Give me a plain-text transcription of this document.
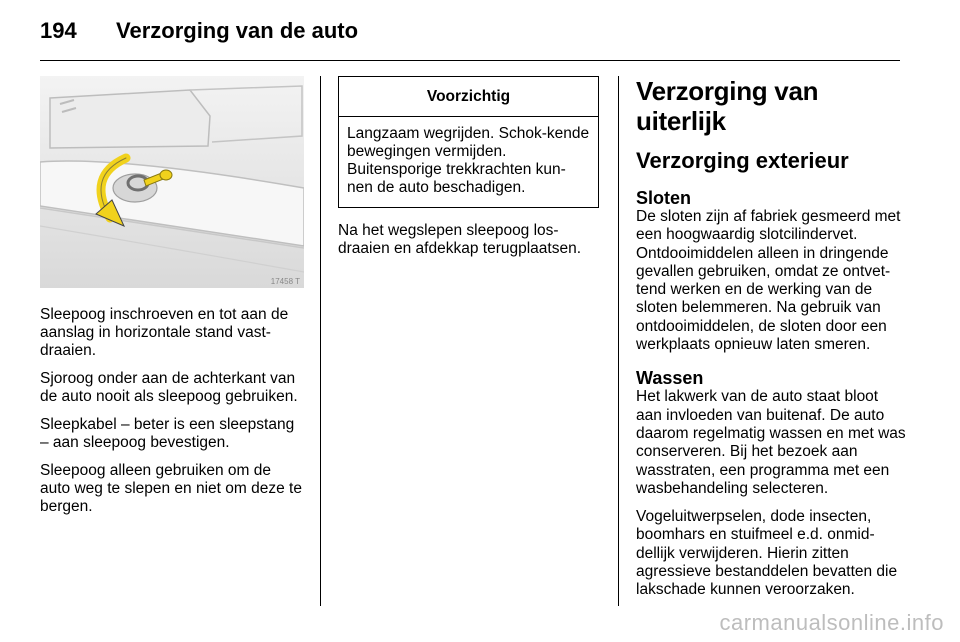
194 Verzorging van de auto
17458 T

Sleepoog inschroeven en tot aan de aanslag in horizontale stand vast-draaien.

Sjoroog onder aan de achterkant van de auto nooit als sleepoog gebruiken.

Sleepkabel – beter is een sleepstang – aan sleepoog bevestigen.

Sleepoog alleen gebruiken om de auto weg te slepen en niet om deze te bergen.

Voorzichtig
Langzaam wegrijden. Schok-kende bewegingen vermijden. Buitensporige trekkrachten kun-nen de auto beschadigen.

Na het wegslepen sleepoog los-draaien en afdekkap terugplaatsen.

Verzorging van uiterlijk
Verzorging exterieur
Sloten

De sloten zijn af fabriek gesmeerd met een hoogwaardig slotcilindervet. Ontdooimiddelen alleen in dringende gevallen gebruiken, omdat ze ontvet-tend werken en de werking van de sloten belemmeren. Na gebruik van ontdooimiddelen, de sloten door een werkplaats opnieuw laten smeren.

Wassen

Het lakwerk van de auto staat bloot aan invloeden van buitenaf. De auto daarom regelmatig wassen en met was conserveren. Bij het bezoek aan wasstraten, een programma met een wasbehandeling selecteren.

Vogeluitwerpselen, dode insecten, boomhars en stuifmeel e.d. onmid-dellijk verwijderen. Hierin zitten agressieve bestanddelen bevatten die lakschade kunnen veroorzaken.

carmanualsonline.info
